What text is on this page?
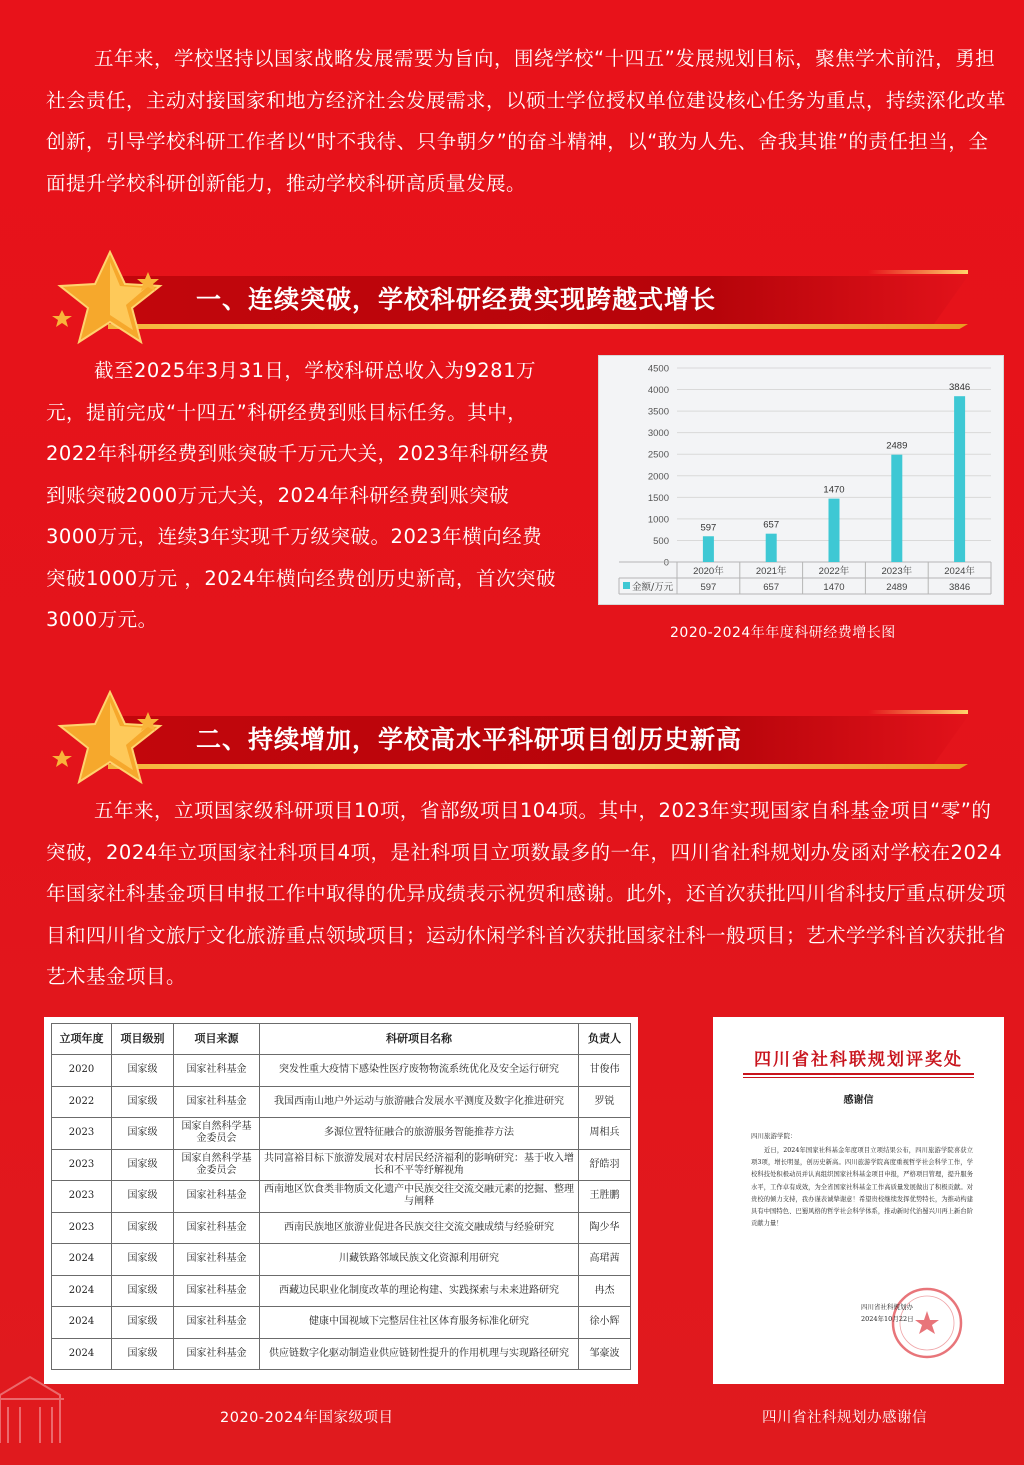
五年来，学校坚持以国家战略发展需要为旨向，围绕学校“十四五”发展规划目标，聚焦学术前沿，勇担社会责任，主动对接国家和地方经济社会发展需求，以硕士学位授权单位建设核心任务为重点，持续深化改革创新，引导学校科研工作者以“时不我待、只争朝夕”的奋斗精神，以“敢为人先、舍我其谁”的责任担当，全面提升学校科研创新能力，推动学校科研高质量发展。
一、连续突破，学校科研经费实现跨越式增长
截至2025年3月31日，学校科研总收入为9281万元，提前完成“十四五”科研经费到账目标任务。其中，2022年科研经费到账突破千万元大关，2023年科研经费到账突破2000万元大关，2024年科研经费到账突破3000万元，连续3年实现千万级突破。2023年横向经费突破1000万元 ，2024年横向经费创历史新高，首次突破3000万元。
0
500
1000
1500
2000
2500
3000
3500
4000
4500
597
2020年
597
657
2021年
657
1470
2022年
1470
2489
2023年
2489
3846
2024年
3846
金额/万元
2020-2024年年度科研经费增长图
二、持续增加，学校高水平科研项目创历史新高
五年来，立项国家级科研项目10项，省部级项目104项。其中，2023年实现国家自科基金项目“零”的突破，2024年立项国家社科项目4项，是社科项目立项数最多的一年，四川省社科规划办发函对学校在2024年国家社科基金项目申报工作中取得的优异成绩表示祝贺和感谢。此外，还首次获批四川省科技厅重点研发项目和四川省文旅厅文化旅游重点领域项目；运动休闲学科首次获批国家社科一般项目；艺术学学科首次获批省艺术基金项目。
立项年度	项目级别	项目来源	科研项目名称	负责人
2020	国家级	国家社科基金	突发性重大疫情下感染性医疗废物物流系统优化及安全运行研究	甘俊伟
2022	国家级	国家社科基金	我国西南山地户外运动与旅游融合发展水平测度及数字化推进研究	罗锐
2023	国家级	国家自然科学基金委员会	多源位置特征融合的旅游服务智能推荐方法	周相兵
2023	国家级	国家自然科学基金委员会	共同富裕目标下旅游发展对农村居民经济福利的影响研究：基于收入增长和不平等纾解视角	舒皓羽
2023	国家级	国家社科基金	西南地区饮食类非物质文化遗产中民族交往交流交融元素的挖掘、整理与阐释	王胜鹏
2023	国家级	国家社科基金	西南民族地区旅游业促进各民族交往交流交融成绩与经验研究	陶少华
2024	国家级	国家社科基金	川藏铁路邻域民族文化资源利用研究	高珺茜
2024	国家级	国家社科基金	西藏边民职业化制度改革的理论构建、实践探索与未来进路研究	冉杰
2024	国家级	国家社科基金	健康中国视域下完整居住社区体育服务标准化研究	徐小辉
2024	国家级	国家社科基金	供应链数字化驱动制造业供应链韧性提升的作用机理与实现路径研究	邹豪波
2020-2024年国家级项目
四川省社科联规划评奖处
感谢信
四川旅游学院：
近日，2024年国家社科基金年度项目立项结果公布，四川旅游学院喜获立项3项，增长明显，创历史新高。四川旅游学院高度重视哲学社会科学工作，学校科技处积极动员并认真组织国家社科基金项目申报，严格项目管理，提升服务水平，工作卓有成效，为全省国家社科基金工作高质量发展做出了积极贡献。对贵校的倾力支持，我办谨表诚挚谢意！希望贵校继续发挥优势特长，为推动构建具有中国特色、巴蜀风格的哲学社会科学体系，推动新时代治蜀兴川再上新台阶贡献力量！
四川省社科规划办
2024年10月22日
四川省社科规划办感谢信
